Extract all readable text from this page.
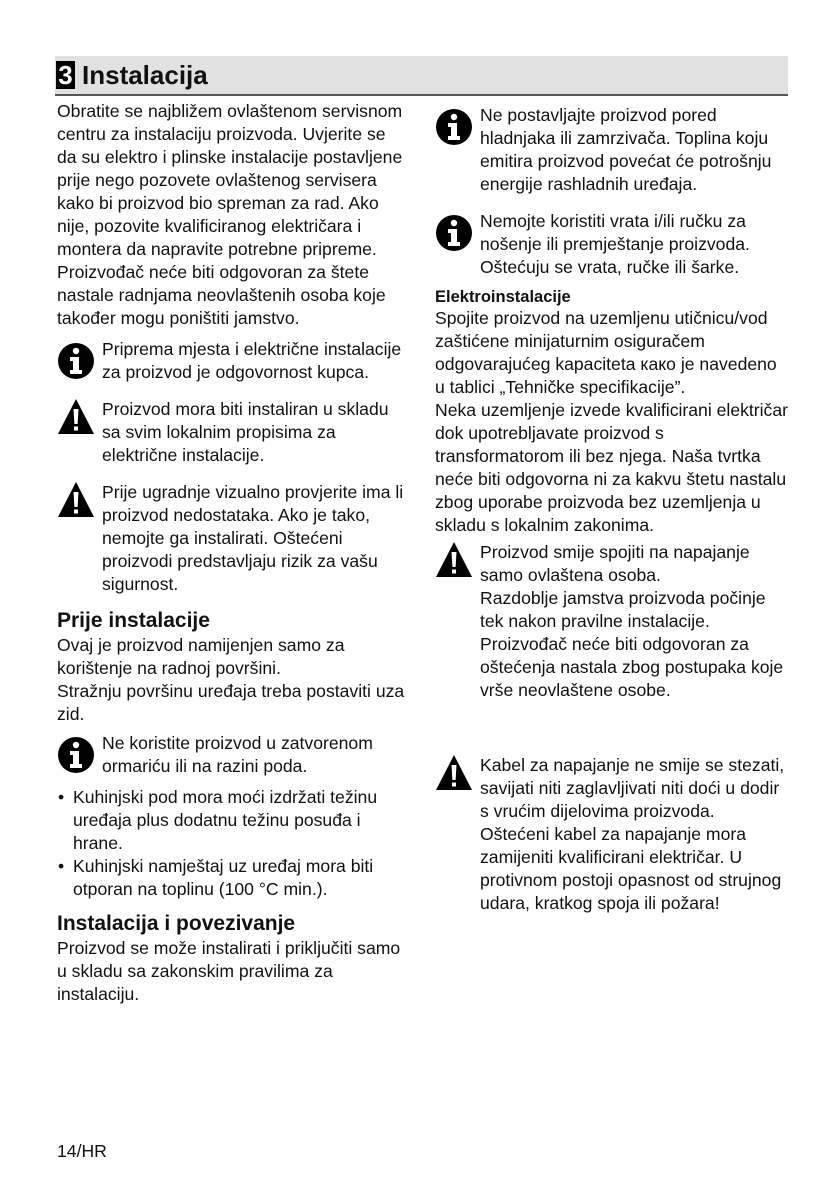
3 Instalacija

Obratite se najbližem ovlaštenom servisnom centru za instalaciju proizvoda. Uvjerite se da su elektro i plinske instalacije postavljene prije nego pozovete ovlaštenog servisera kako bi proizvod bio spreman za rad. Ako nije, pozovite kvalificiranog električara i montera da napravite potrebne pripreme. Proizvođač neće biti odgovoran za štete nastale radnjama neovlaštenih osoba koje također mogu poništiti jamstvo.

Priprema mjesta i električne instalacije za proizvod je odgovornost kupca.

Proizvod mora biti instaliran u skladu sa svim lokalnim propisima za električne instalacije.

Prije ugradnje vizualno provjerite ima li proizvod nedostataka. Ako je tako, nemojte ga instalirati. Oštećeni proizvodi predstavljaju rizik za vašu sigurnost.

Prije instalacije

Ovaj je proizvod namijenjen samo za korištenje na radnoj površini.

Stražnju površinu uređaja treba postaviti uza zid.

Ne koristite proizvod u zatvorenom ormariću ili na razini poda.

• Kuhinjski pod mora moći izdržati težinu uređaja plus dodatnu težinu posuđa i hrane.
• Kuhinjski namještaj uz uređaj mora biti otporan na toplinu (100 °C min.).
Instalacija i povezivanje

Proizvod se može instalirati i priključiti samo u skladu sa zakonskim pravilima za instalaciju.

Ne postavljajte proizvod pored hladnjaka ili zamrzivača. Toplina koju emitira proizvod povećat će potrošnju energije rashladnih uređaja.

Nemojte koristiti vrata i/ili ručku za nošenje ili premještanje proizvoda. Oštećuju se vrata, ručke ili šarke.

Elektroinstalacije

Spojite proizvod na uzemljenu utičnicu/vod zaštićene minijaturnim osiguračem odgovarajućeg kapaciteta како je navedeno u tablici „Tehničke specifikacije”.

Neka uzemljenje izvede kvalificirani električar dok upotrebljavate proizvod s transformatorom ili bez njega. Naša tvrtka neće biti odgovorna ni za kakvu štetu nastalu zbog uporabe proizvoda bez uzemljenja u skladu s lokalnim zakonima.

Proizvod smije spojiti па napajanje samo ovlaštena osoba.

Razdoblje jamstva proizvoda počinje tek nakon pravilne instalacije.

Proizvođač neće biti odgovoran za oštećenja nastala zbog postupaka koje vrše neovlaštene osobe.

Kabel za napajanje ne smije se stezati, savijati niti zaglavljivati niti doći u dodir s vrućim dijelovima proizvoda.

Oštećeni kabel za napajanje mora zamijeniti kvalificirani električar. U protivnom postoji opasnost od strujnog udara, kratkog spoja ili požara!

14/HR
